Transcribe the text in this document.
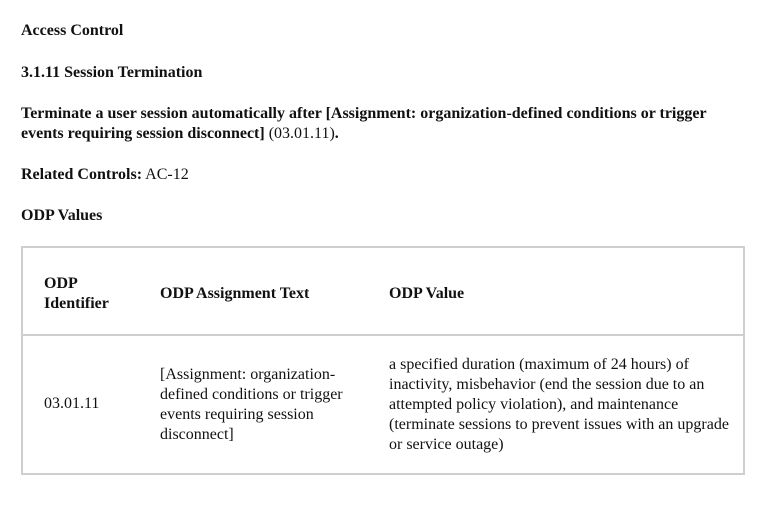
Access Control
3.1.11 Session Termination

Terminate a user session automatically after [Assignment: organization-defined conditions or trigger events requiring session disconnect] (03.01.11).

Related Controls: AC-12
ODP Values
ODP Identifier
ODP Assignment Text	ODP Value
03.01.11
[Assignment: organization-defined conditions or trigger events requiring session disconnect]
a specified duration (maximum of 24 hours) of inactivity, misbehavior (end the session due to an attempted policy violation), and maintenance (terminate sessions to prevent issues with an upgrade or service outage)
